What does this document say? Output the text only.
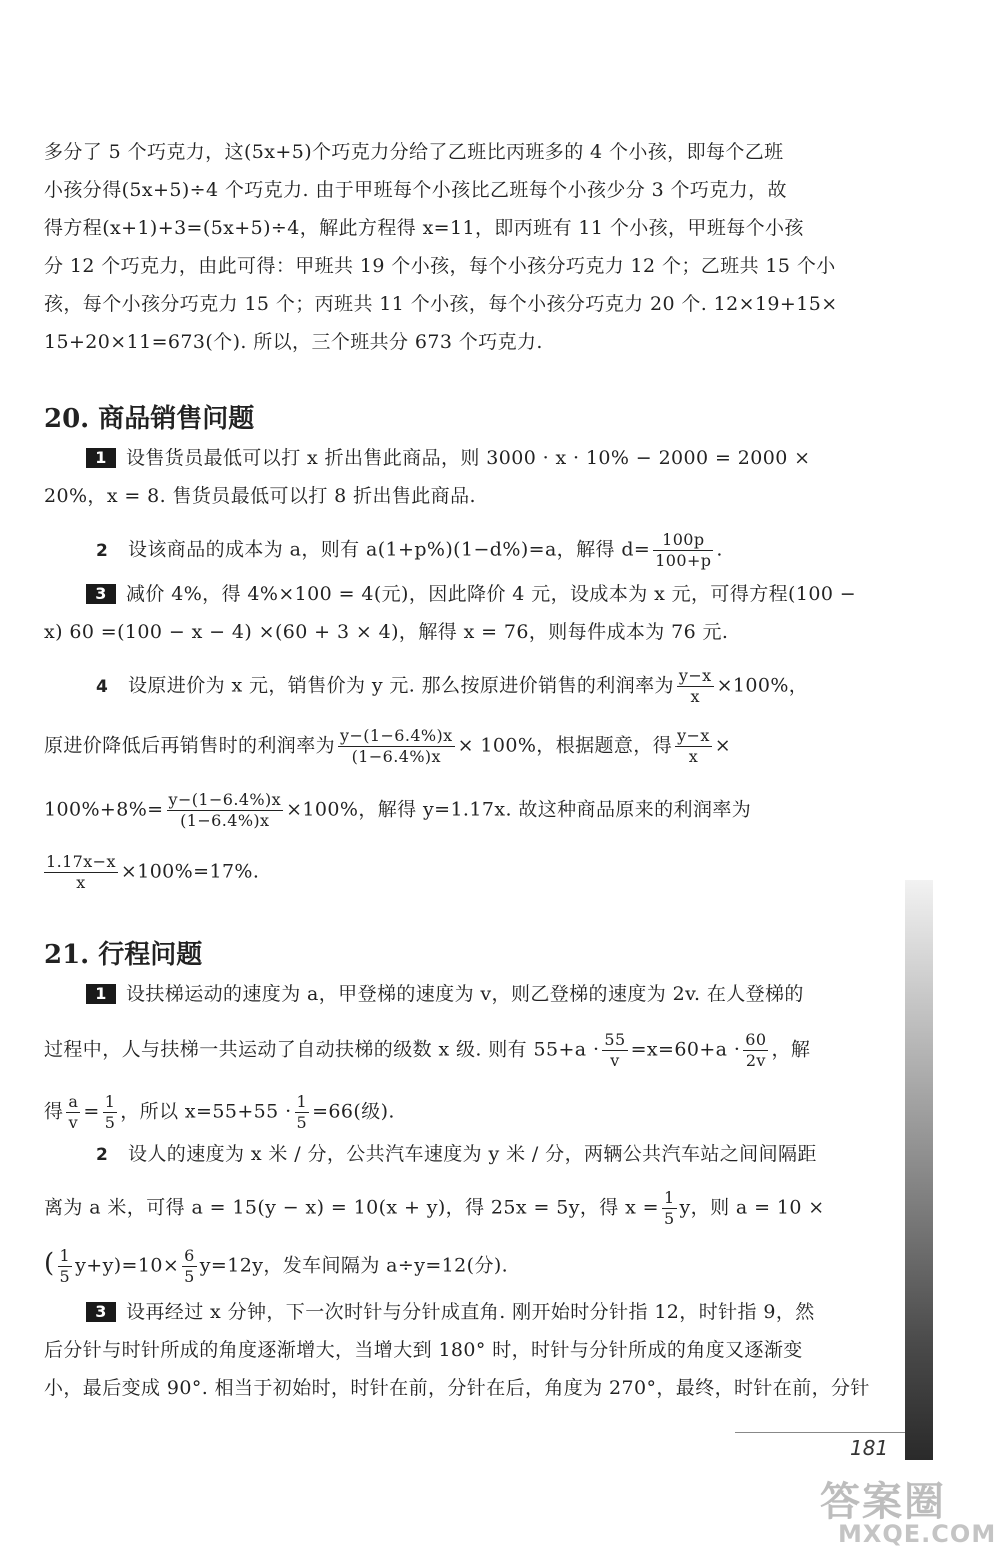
多分了 5 个巧克力，这(5x+5)个巧克力分给了乙班比丙班多的 4 个小孩，即每个乙班
小孩分得(5x+5)÷4 个巧克力. 由于甲班每个小孩比乙班每个小孩少分 3 个巧克力，故
得方程(x+1)+3=(5x+5)÷4，解此方程得 x=11，即丙班有 11 个小孩，甲班每个小孩
分 12 个巧克力，由此可得：甲班共 19 个小孩，每个小孩分巧克力 12 个；乙班共 15 个小
孩，每个小孩分巧克力 15 个；丙班共 11 个小孩，每个小孩分巧克力 20 个. 12×19+15×
15+20×11=673(个). 所以，三个班共分 673 个巧克力.
20. 商品销售问题
1 设售货员最低可以打 x 折出售此商品，则 3000 · x · 10% − 2000 = 2000 ×
20%，x = 8. 售货员最低可以打 8 折出售此商品.
2 设该商品的成本为 a，则有 a(1+p%)(1−d%)=a，解得 $d= \frac{100p}{100+p}$ .
3 减价 4%，得 4%×100 = 4(元)，因此降价 4 元，设成本为 x 元，可得方程(100 −
x) 60 =(100 − x − 4) ×(60 + 3 × 4)，解得 x = 76，则每件成本为 76 元.
4 设原进价为 x 元，销售价为 y 元. 那么按原进价销售的利润率为 $\frac{y-x}{x} \times 100\%$，
原进价降低后再销售时的利润率为 $\frac{y-(1-6.4\%)x}{(1-6.4\%)x} \times 100\%$，根据题意，得 $\frac{y-x}{x}$ ×
$100\%+8\%= \frac{y-(1-6.4\%)x}{(1-6.4\%)x} \times 100\%$，解得 y=1.17x. 故这种商品原来的利润率为
$\frac{1.17x-x}{x} \times 100\%=17\%$.
21. 行程问题
1 设扶梯运动的速度为 a，甲登梯的速度为 v，则乙登梯的速度为 2v. 在人登梯的
过程中，人与扶梯一共运动了自动扶梯的级数 x 级. 则有 $55+a \cdot \frac{55}{v} =x=60+a \cdot \frac{60}{2v}$ ，解
得 $\frac{a}{v} = \frac{1}{5}$ ，所以 $x=55+55 \cdot \frac{1}{5} =66$(级).
2 设人的速度为 x 米 / 分，公共汽车速度为 y 米 / 分，两辆公共汽车站之间间隔距
离为 a 米，可得 a = 15(y − x) = 10(x + y)，得 25x = 5y，得 $x = \frac{1}{5}$ y，则 a = 10 ×
( $\frac{1}{5} y+y)=10\times \frac{6}{5} y=12y$，发车间隔为 a÷y=12(分).
3 设再经过 x 分钟，下一次时针与分针成直角. 刚开始时分针指 12，时针指 9，然
后分针与时针所成的角度逐渐增大，当增大到 180° 时，时针与分针所成的角度又逐渐变
小，最后变成 90°. 相当于初始时，时针在前，分针在后，角度为 270°，最终，时针在前，分针
181
答案圈
MXQE.COM
